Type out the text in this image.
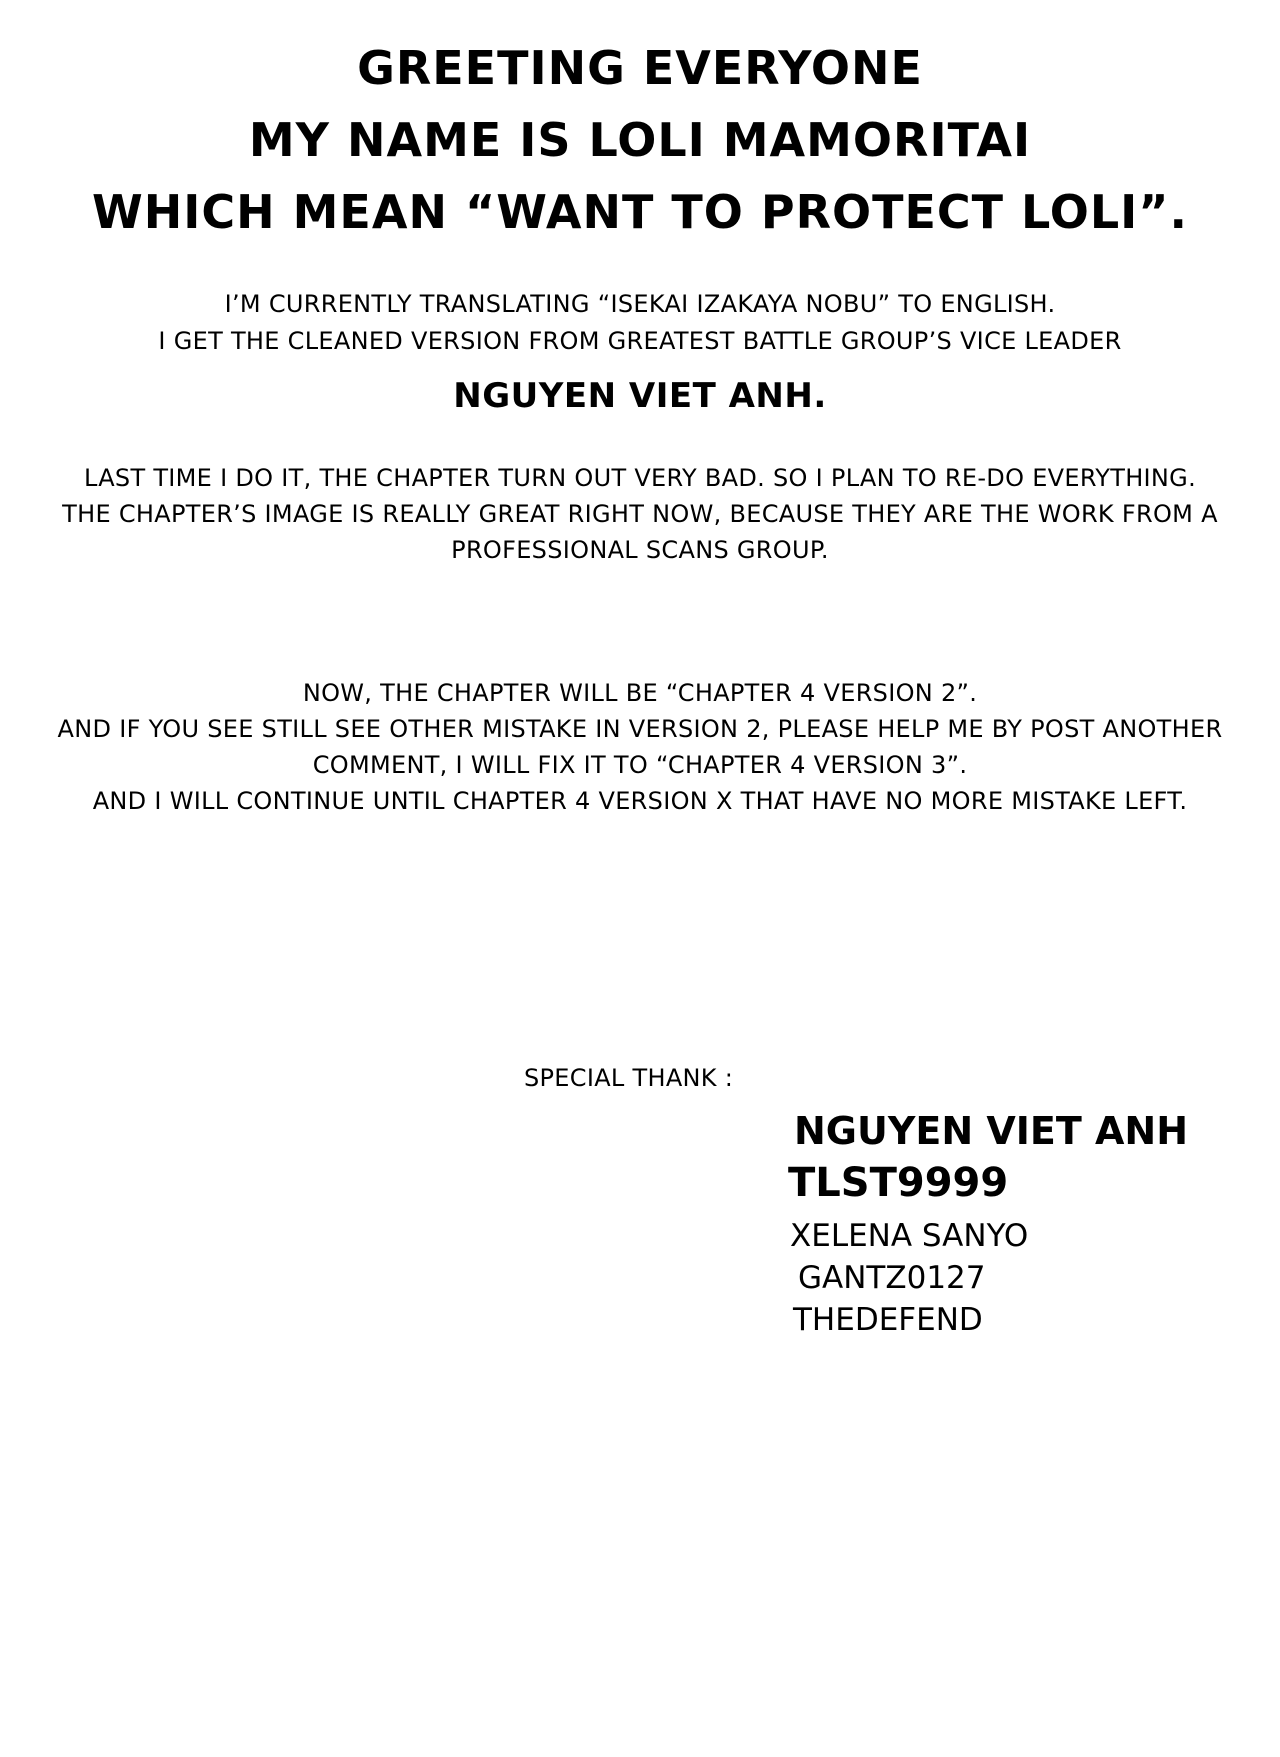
GREETING EVERYONE
MY NAME IS LOLI MAMORITAI
WHICH MEAN “WANT TO PROTECT LOLI”.

I’M CURRENTLY TRANSLATING “ISEKAI IZAKAYA NOBU” TO ENGLISH.

I GET THE CLEANED VERSION FROM GREATEST BATTLE GROUP’S VICE LEADER

NGUYEN VIET ANH.

LAST TIME I DO IT, THE CHAPTER TURN OUT VERY BAD. SO I PLAN TO RE-DO EVERYTHING.

THE CHAPTER’S IMAGE IS REALLY GREAT RIGHT NOW, BECAUSE THEY ARE THE WORK FROM A

PROFESSIONAL SCANS GROUP.

NOW, THE CHAPTER WILL BE “CHAPTER 4 VERSION 2”.

AND IF YOU SEE STILL SEE OTHER MISTAKE IN VERSION 2, PLEASE HELP ME BY POST ANOTHER

COMMENT, I WILL FIX IT TO “CHAPTER 4 VERSION 3”.

AND I WILL CONTINUE UNTIL CHAPTER 4 VERSION X THAT HAVE NO MORE MISTAKE LEFT.

SPECIAL THANK :
NGUYEN VIET ANH
TLST9999
XELENA SANYO
GANTZ0127
THEDEFEND
